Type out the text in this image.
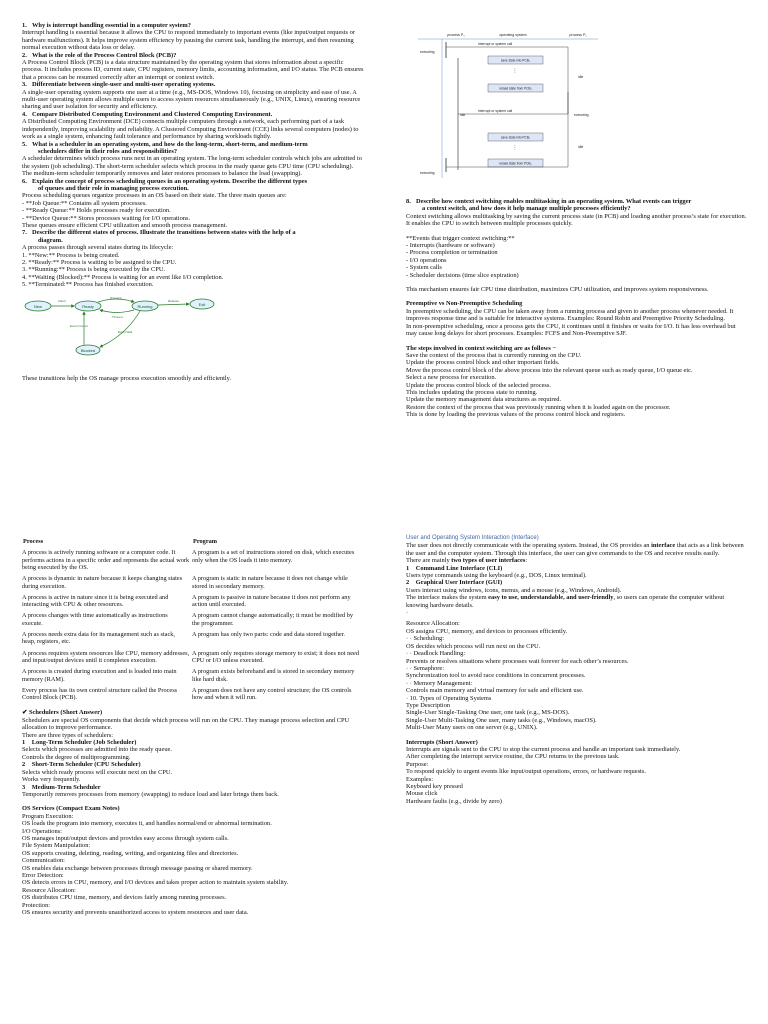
1. Why is interrupt handling essential in a computer system?

Interrupt handling is essential because it allows the CPU to respond immediately to important events (like input/output requests or hardware malfunctions). It helps improve system efficiency by pausing the current task, handling the interrupt, and then resuming normal execution without data loss or delay.

2. What is the role of the Process Control Block (PCB)?

A Process Control Block (PCB) is a data structure maintained by the operating system that stores information about a specific process. It includes process ID, current state, CPU registers, memory limits, accounting information, and I/O status. The PCB ensures that a process can be resumed correctly after an interrupt or context switch.

3. Differentiate between single-user and multi-user operating systems.

A single-user operating system supports one user at a time (e.g., MS-DOS, Windows 10), focusing on simplicity and ease of use. A multi-user operating system allows multiple users to access system resources simultaneously (e.g., UNIX, Linux), ensuring resource sharing and user isolation for security and efficiency.

4. Compare Distributed Computing Environment and Clustered Computing Environment.

A Distributed Computing Environment (DCE) connects multiple computers through a network, each performing part of a task independently, improving scalability and reliability. A Clustered Computing Environment (CCE) links several computers (nodes) to work as a single system, enhancing fault tolerance and performance by sharing workloads tightly.

5. What is a scheduler in an operating system, and how do the long-term, short-term, and medium-term

schedulers differ in their roles and responsibilities?

A scheduler determines which process runs next in an operating system. The long-term scheduler controls which jobs are admitted to the system (job scheduling). The short-term scheduler selects which process in the ready queue gets CPU time (CPU scheduling). The medium-term scheduler temporarily removes and later restores processes to balance the load (swapping).

6. Explain the concept of process scheduling queues in an operating system. Describe the different types

of queues and their role in managing process execution.

Process scheduling queues organize processes in an OS based on their state. The three main queues are:

- **Job Queue:** Contains all system processes.

- **Ready Queue:** Holds processes ready for execution.

- **Device Queue:** Stores processes waiting for I/O operations.

These queues ensure efficient CPU utilization and smooth process management.

7. Describe the different states of process. Illustrate the transitions between states with the help of a

diagram.

A process passes through several states during its lifecycle:

1. **New:** Process is being created.

2. **Ready:** Process is waiting to be assigned to the CPU.

3. **Running:** Process is being executed by the CPU.

4. **Waiting (Blocked):** Process is waiting for an event like I/O completion.

5. **Terminated:** Process has finished execution.

New	Ready	Running	Exit
Blocked
Admit
Dispatch
Timeout
Release
Event Occurs
Event Wait

These transitions help the OS manage process execution smoothly and efficiently.

process P₀	operating system	process P₁
interrupt or system call
executing
save state into PCB₀
⋮
reload state from PCB₁
idle
idle
interrupt or system call
executing
save state into PCB₁
⋮
reload state from PCB₀
idle
executing

8. Describe how context switching enables multitasking in an operating system. What events can trigger

a context switch, and how does it help manage multiple processes efficiently?

Context switching allows multitasking by saving the current process state (in PCB) and loading another process’s state for execution. It enables the CPU to switch between multiple processes quickly.

**Events that trigger context switching:**

- Interrupts (hardware or software)

- Process completion or termination

- I/O operations

- System calls

- Scheduler decisions (time slice expiration)

This mechanism ensures fair CPU time distribution, maximizes CPU utilization, and improves system responsiveness.

Preemptive vs Non-Preemptive Scheduling

In preemptive scheduling, the CPU can be taken away from a running process and given to another process whenever needed. It improves response time and is suitable for interactive systems. Examples: Round Robin and Preemptive Priority Scheduling.

In non-preemptive scheduling, once a process gets the CPU, it continues until it finishes or waits for I/O. It has less overhead but may cause long delays for short processes. Examples: FCFS and Non-Preemptive SJF.

The steps involved in context switching are as follows −

Save the context of the process that is currently running on the CPU.

Update the process control block and other important fields.

Move the process control block of the above process into the relevant queue such as ready queue, I/O queue etc.

Select a new process for execution.

Update the process control block of the selected process.

This includes updating the process state to running.

Update the memory management data structures as required.

Restore the context of the process that was previously running when it is loaded again on the processor.

This is done by loading the previous values of the process control block and registers.

Process	Program
A process is actively running software or a computer code. It performs actions in a specific order and represents the actual work being executed by the OS.	A program is a set of instructions stored on disk, which executes only when the OS loads it into memory.
A process is dynamic in nature because it keeps changing states during execution.	A program is static in nature because it does not change while stored in secondary memory.
A process is active in nature since it is being executed and interacting with CPU & other resources.	A program is passive in nature because it does not perform any action until executed.
A process changes with time automatically as instructions execute.	A program cannot change automatically; it must be modified by the programmer.
A process needs extra data for its management such as stack, heap, registers, etc.	A program has only two parts: code and data stored together.
A process requires system resources like CPU, memory addresses, and input/output devices until it completes execution.	A program only requires storage memory to exist; it does not need CPU or I/O unless executed.
A process is created during execution and is loaded into main memory (RAM).	A program exists beforehand and is stored in secondary memory like hard disk.
Every process has its own control structure called the Process Control Block (PCB).	A program does not have any control structure; the OS controls how and when it will run.

✔ Schedulers (Short Answer)

Schedulers are special OS components that decide which process will run on the CPU. They manage process selection and CPU allocation to improve performance.

There are three types of schedulers:

1⃣ Long-Term Scheduler (Job Scheduler)

Selects which processes are admitted into the ready queue.

Controls the degree of multiprogramming.

2⃣ Short-Term Scheduler (CPU Scheduler)

Selects which ready process will execute next on the CPU.

Works very frequently.

3⃣ Medium-Term Scheduler

Temporarily removes processes from memory (swapping) to reduce load and later brings them back.

OS Services (Compact Exam Notes)

Program Execution:

OS loads the program into memory, executes it, and handles normal/end or abnormal termination.

I/O Operations:

OS manages input/output devices and provides easy access through system calls.

File System Manipulation:

OS supports creating, deleting, reading, writing, and organizing files and directories.

Communication:

OS enables data exchange between processes through message passing or shared memory.

Error Detection:

OS detects errors in CPU, memory, and I/O devices and takes proper action to maintain system stability.

Resource Allocation:

OS distributes CPU time, memory, and devices fairly among running processes.

Protection:

OS ensures security and prevents unauthorized access to system resources and user data.

User and Operating System Interaction (Interface)

The user does not directly communicate with the operating system. Instead, the OS provides an interface that acts as a link between the user and the computer system. Through this interface, the user can give commands to the OS and receive results easily.

There are mainly two types of user interfaces:

1⃣ Command Line Interface (CLI)

Users type commands using the keyboard (e.g., DOS, Linux terminal).

2⃣ Graphical User Interface (GUI)

Users interact using windows, icons, menus, and a mouse (e.g., Windows, Android).

The interface makes the system easy to use, understandable, and user-friendly, so users can operate the computer without knowing hardware details.

·

Resource Allocation:

OS assigns CPU, memory, and devices to processes efficiently.

· · Scheduling:

OS decides which process will run next on the CPU.

· · Deadlock Handling:

Prevents or resolves situations where processes wait forever for each other’s resources.

· · Semaphore:

Synchronization tool to avoid race conditions in concurrent processes.

· · Memory Management:

Controls main memory and virtual memory for safe and efficient use.

· 10. Types of Operating Systems

Type Description

Single-User Single-Tasking One user, one task (e.g., MS-DOS).

Single-User Multi-Tasking One user, many tasks (e.g., Windows, macOS).

Multi-User Many users on one server (e.g., UNIX).

Interrupts (Short Answer)

Interrupts are signals sent to the CPU to stop the current process and handle an important task immediately.

After completing the interrupt service routine, the CPU returns to the previous task.

Purpose:

To respond quickly to urgent events like input/output operations, errors, or hardware requests.

Examples:

Keyboard key pressed

Mouse click

Hardware faults (e.g., divide by zero)
